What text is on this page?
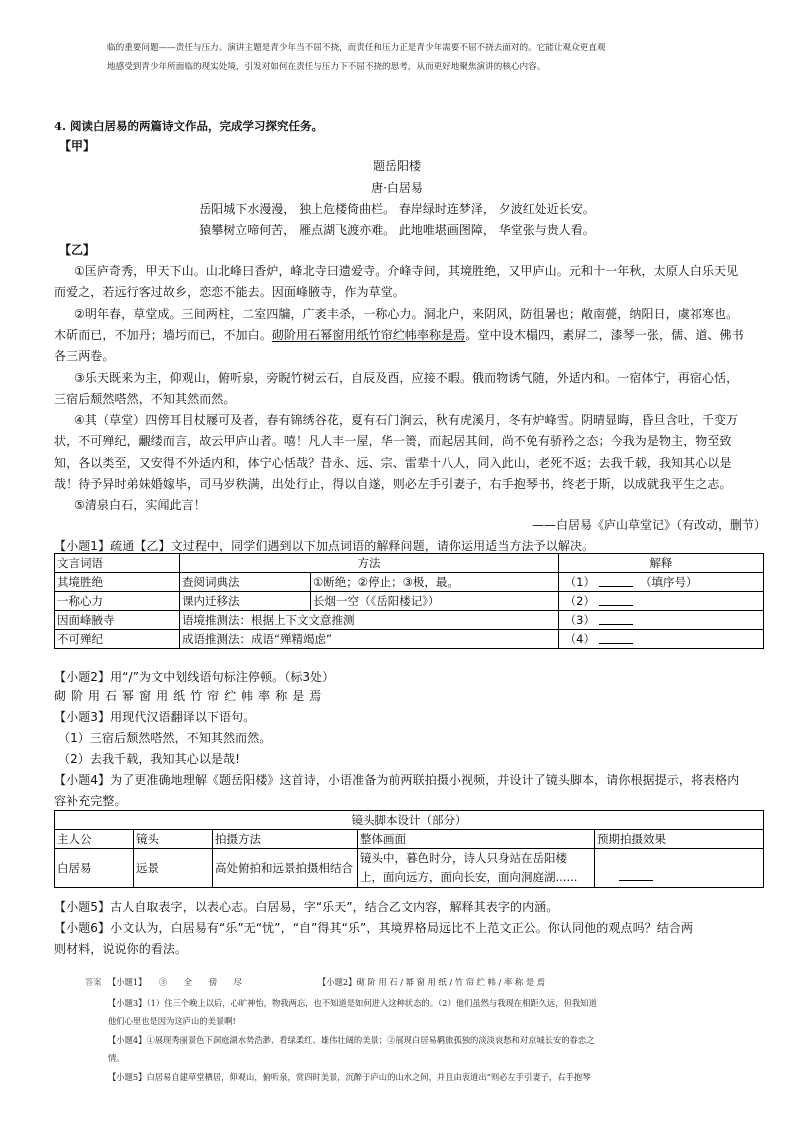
临的重要问题——责任与压力。演讲主题是青少年当不屈不挠，而责任和压力正是青少年需要不屈不挠去面对的。它能让观众更直观
地感受到青少年所面临的现实处境，引发对如何在责任与压力下不屈不挠的思考，从而更好地聚焦演讲的核心内容。
4. 阅读白居易的两篇诗文作品，完成学习探究任务。
【甲】
题岳阳楼
唐·白居易
岳阳城下水漫漫， 独上危楼倚曲栏。 春岸绿时连梦泽， 夕波红处近长安。
猿攀树立啼何苦， 雁点湖飞渡亦难。 此地唯堪画图障， 华堂张与贵人看。
【乙】
①匡庐奇秀，甲天下山。山北峰曰香炉，峰北寺曰遗爱寺。介峰寺间，其境胜绝，又甲庐山。元和十一年秋，太原人白乐天见
而爱之，若远行客过故乡，恋恋不能去。因面峰腋寺，作为草堂。
②明年春，草堂成。三间两柱，二室四牖，广袤丰杀，一称心力。洞北户，来阴风，防徂暑也；敞南甍，纳阳日，虞祁寒也。
木斫而已，不加丹；墙圬而已，不加白。砌阶用石幂窗用纸竹帘纻帏率称是焉。堂中设木榻四，素屏二，漆琴一张，儒、道、佛书
各三两卷。
③乐天既来为主，仰观山，俯听泉，旁睨竹树云石，自辰及酉，应接不暇。俄而物诱气随，外适内和。一宿体宁，再宿心恬，
三宿后颓然嗒然，不知其然而然。
④其（草堂）四傍耳目杖屦可及者，春有锦绣谷花，夏有石门涧云，秋有虎溪月，冬有炉峰雪。阴晴显晦，昏旦含吐，千变万
状，不可殚纪，覼缕而言，故云甲庐山者。嘻！凡人丰一屋，华一箦，而起居其间，尚不免有骄矜之态；今我为是物主，物至致
知，各以类至，又安得不外适内和，体宁心恬哉？昔永、远、宗、雷辈十八人，同入此山，老死不返；去我千载，我知其心以是
哉！待予异时弟妹婚嫁毕，司马岁秩满，出处行止，得以自遂，则必左手引妻子，右手抱琴书，终老于斯，以成就我平生之志。
⑤清泉白石，实闻此言！
——白居易《庐山草堂记》（有改动，删节）
【小题1】疏通【乙】文过程中，同学们遇到以下加点词语的解释问题，请你运用适当方法予以解决。
文言词语	方法		解释
其境胜绝	查阅词典法	①断绝；②停止；③极，最。	（1） （填序号）
一称心力	课内迁移法	长烟一空（《岳阳楼记》）	（2）
因面峰腋寺	语境推测法：根据上下文文意推测		（3）
不可殚纪	成语推测法：成语“殚精竭虑”		（4）
【小题2】用“/”为文中划线语句标注停顿。（标3处）
砌 阶 用 石 幂 窗 用 纸 竹 帘 纻 帏 率 称 是 焉
【小题3】用现代汉语翻译以下语句。
（1）三宿后颓然嗒然，不知其然而然。
（2）去我千载，我知其心以是哉!
【小题4】为了更准确地理解《题岳阳楼》这首诗，小语准备为前两联拍摄小视频，并设计了镜头脚本，请你根据提示，将表格内
容补充完整。
镜头脚本设计（部分）				
主人公	镜头	拍摄方法	整体画面	预期拍摄效果
白居易	远景	高处俯拍和远景拍摄相结合	镜头中，暮色时分，诗人只身站在岳阳楼
上，面向远方，面向长安，面向洞庭湖......	

【小题5】古人自取表字，以表心志。白居易，字“乐天”，结合乙文内容，解释其表字的内涵。
【小题6】小文认为，白居易有“乐”无“忧”，“自”得其“乐”，其境界格局远比不上范文正公。你认同他的观点吗？结合两
则材料，说说你的看法。
答案 【小题1】　　③　　全　　傍　　尽	【小题2】砌 阶 用 石 / 幂 窗 用 纸 / 竹 帘 纻 帏 / 率 称 是 焉
【小题3】（1）住三个晚上以后，心旷神怡，物我两忘，也不知道是如何进入这种状态的。（2）他们虽然与我现在相距久远，但我知道
他们心里也是因为这庐山的美景啊!
【小题4】①展现秀丽景色下洞庭湖水势浩渺、看绿柔红、雄伟壮阔的美景；②展现白居易羁旅孤独的淡淡哀愁和对京城长安的眷恋之
情。
【小题5】白居易自建草堂栖居，仰观山，俯听泉，赏四时美景，沉醉于庐山的山水之间，并且由衷道出“则必左手引妻子，右手抱琴
